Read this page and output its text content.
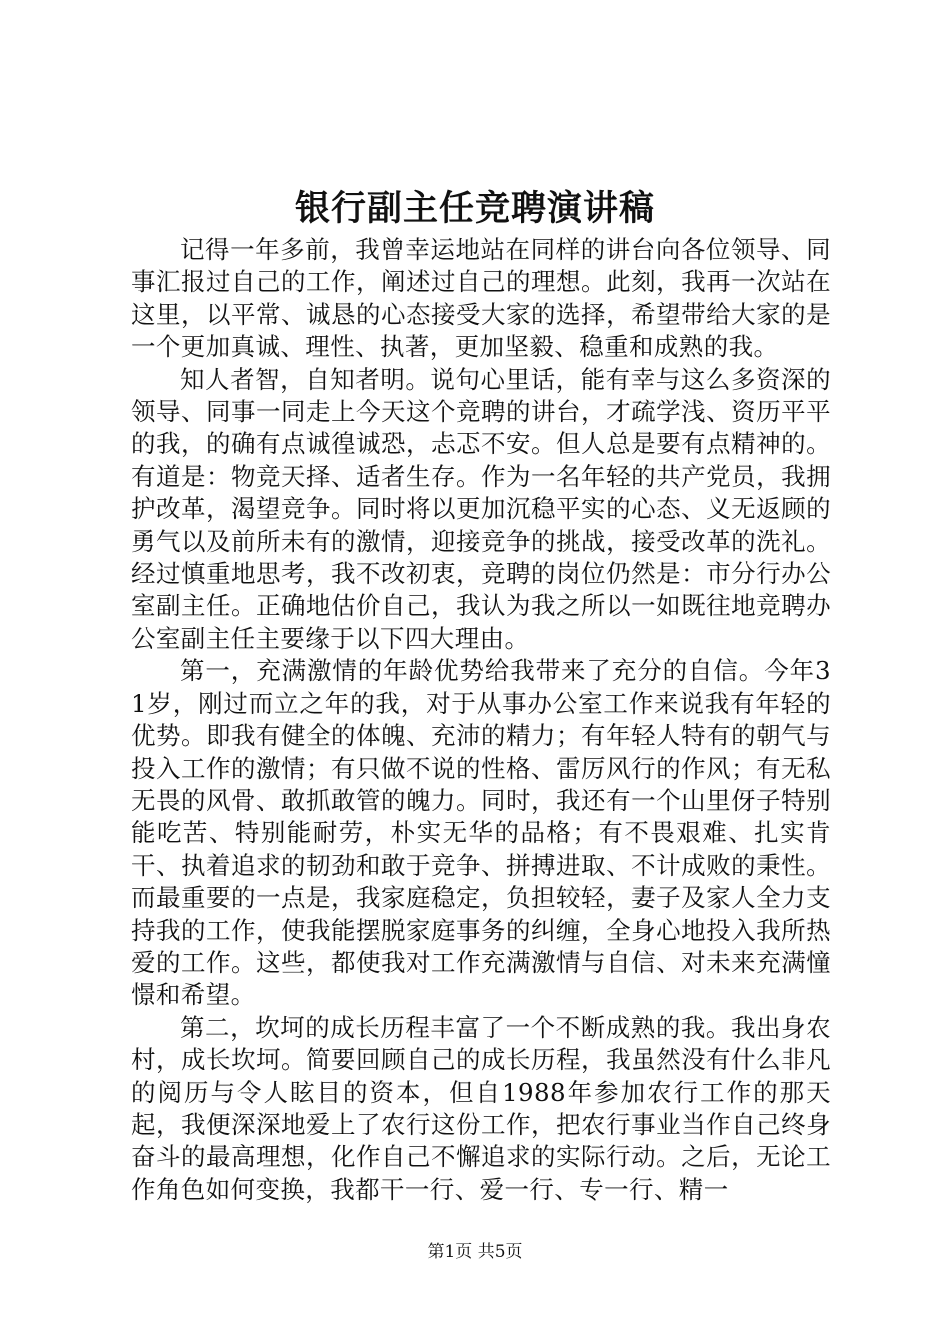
银行副主任竞聘演讲稿

记得一年多前，我曾幸运地站在同样的讲台向各位领导、同事汇报过自己的工作，阐述过自己的理想。此刻，我再一次站在这里，以平常、诚恳的心态接受大家的选择，希望带给大家的是一个更加真诚、理性、执著，更加坚毅、稳重和成熟的我。

知人者智，自知者明。说句心里话，能有幸与这么多资深的领导、同事一同走上今天这个竞聘的讲台，才疏学浅、资历平平的我，的确有点诚徨诚恐，忐忑不安。但人总是要有点精神的。有道是：物竞天择、适者生存。作为一名年轻的共产党员，我拥护改革，渴望竞争。同时将以更加沉稳平实的心态、义无返顾的勇气以及前所未有的激情，迎接竞争的挑战，接受改革的洗礼。经过慎重地思考，我不改初衷，竞聘的岗位仍然是：市分行办公室副主任。正确地估价自己，我认为我之所以一如既往地竞聘办公室副主任主要缘于以下四大理由。

第一，充满激情的年龄优势给我带来了充分的自信。今年31岁，刚过而立之年的我，对于从事办公室工作来说我有年轻的优势。即我有健全的体魄、充沛的精力；有年轻人特有的朝气与投入工作的激情；有只做不说的性格、雷厉风行的作风；有无私无畏的风骨、敢抓敢管的魄力。同时，我还有一个山里伢子特别能吃苦、特别能耐劳，朴实无华的品格；有不畏艰难、扎实肯干、执着追求的韧劲和敢于竞争、拼搏进取、不计成败的秉性。而最重要的一点是，我家庭稳定，负担较轻，妻子及家人全力支持我的工作，使我能摆脱家庭事务的纠缠，全身心地投入我所热爱的工作。这些，都使我对工作充满激情与自信、对未来充满憧憬和希望。

第二，坎坷的成长历程丰富了一个不断成熟的我。我出身农村，成长坎坷。简要回顾自己的成长历程，我虽然没有什么非凡的阅历与令人眩目的资本，但自1988年参加农行工作的那天起，我便深深地爱上了农行这份工作，把农行事业当作自己终身奋斗的最高理想，化作自己不懈追求的实际行动。之后，无论工作角色如何变换，我都干一行、爱一行、专一行、精一

第1页 共5页
